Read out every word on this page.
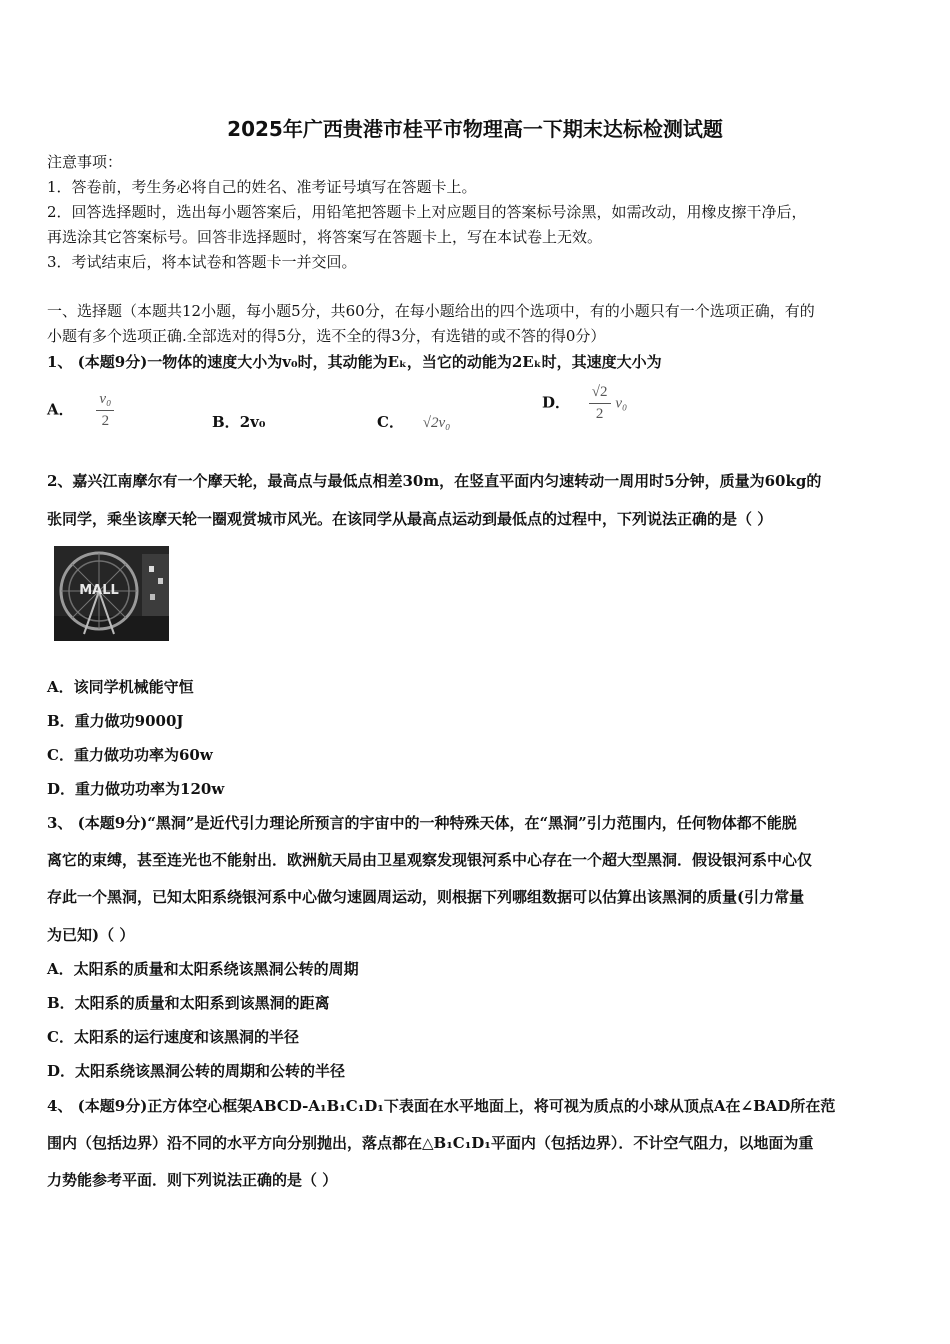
2025年广西贵港市桂平市物理高一下期末达标检测试题
注意事项：
1．答卷前，考生务必将自己的姓名、准考证号填写在答题卡上。
2．回答选择题时，选出每小题答案后，用铅笔把答题卡上对应题目的答案标号涂黑，如需改动，用橡皮擦干净后，
再选涂其它答案标号。回答非选择题时，将答案写在答题卡上，写在本试卷上无效。
3．考试结束后，将本试卷和答题卡一并交回。
一、选择题（本题共12小题，每小题5分，共60分，在每小题给出的四个选项中，有的小题只有一个选项正确，有的
小题有多个选项正确.全部选对的得5分，选不全的得3分，有选错的或不答的得0分）
1、 (本题9分)一物体的速度大小为v₀时，其动能为Eₖ，当它的动能为2Eₖ时，其速度大小为
A． $\frac{\text{v₀}}{2}$	B．2v₀	C． √2v₀
D． $\frac{√2}{2} v_0$
2、嘉兴江南摩尔有一个摩天轮，最高点与最低点相差30m，在竖直平面内匀速转动一周用时5分钟，质量为60kg的
张同学，乘坐该摩天轮一圈观赏城市风光。在该同学从最高点运动到最低点的过程中，下列说法正确的是（ ）
MALL
A．该同学机械能守恒
B．重力做功9000J
C．重力做功功率为60w
D．重力做功功率为120w
3、 (本题9分)“黑洞”是近代引力理论所预言的宇宙中的一种特殊天体，在“黑洞”引力范围内，任何物体都不能脱
离它的束缚，甚至连光也不能射出．欧洲航天局由卫星观察发现银河系中心存在一个超大型黑洞．假设银河系中心仅
存此一个黑洞，已知太阳系绕银河系中心做匀速圆周运动，则根据下列哪组数据可以估算出该黑洞的质量(引力常量
为已知)（ ）
A．太阳系的质量和太阳系绕该黑洞公转的周期
B．太阳系的质量和太阳系到该黑洞的距离
C．太阳系的运行速度和该黑洞的半径
D．太阳系绕该黑洞公转的周期和公转的半径
4、 (本题9分)正方体空心框架ABCD-A₁B₁C₁D₁下表面在水平地面上，将可视为质点的小球从顶点A在∠BAD所在范
围内（包括边界）沿不同的水平方向分别抛出，落点都在△B₁C₁D₁平面内（包括边界）．不计空气阻力，以地面为重
力势能参考平面．则下列说法正确的是（ ）
